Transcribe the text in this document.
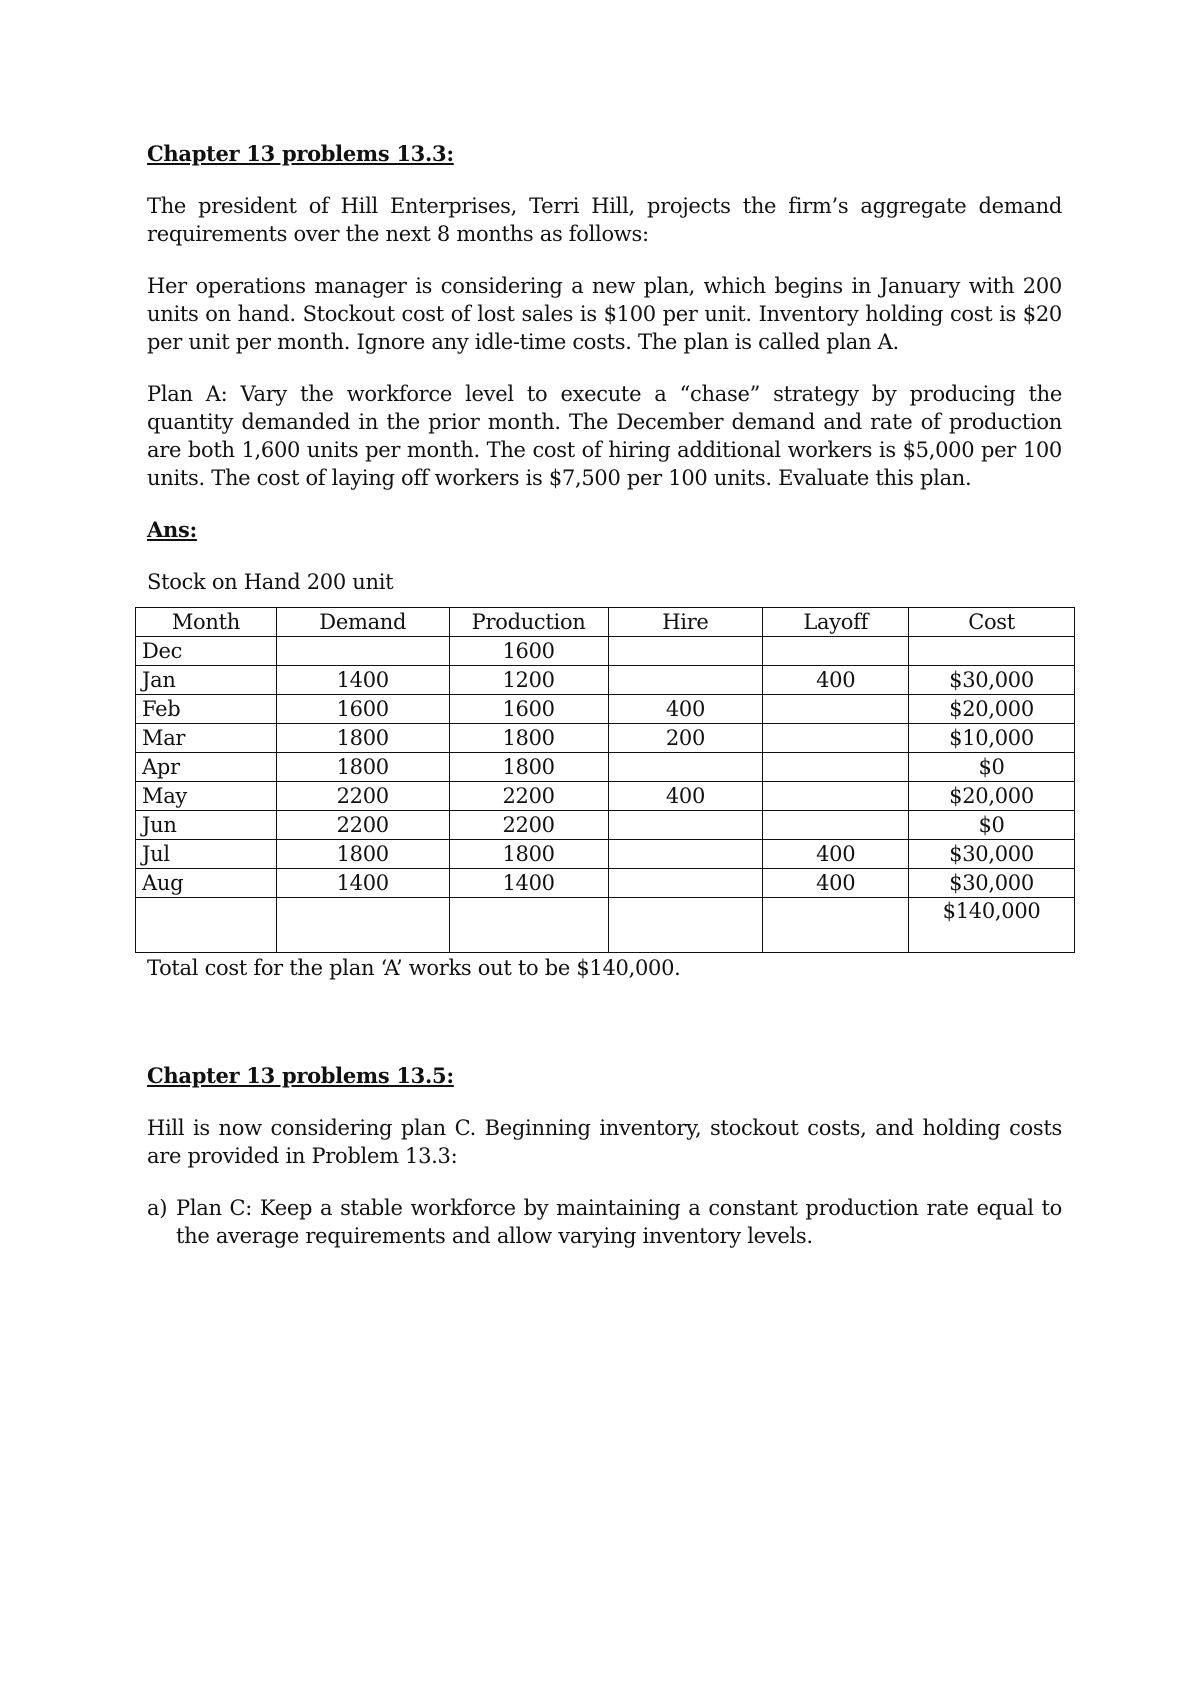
Chapter 13 problems 13.3:
The president of Hill Enterprises, Terri Hill, projects the firm’s aggregate demand requirements over the next 8 months as follows:
Her operations manager is considering a new plan, which begins in January with 200 units on hand. Stockout cost of lost sales is $100 per unit. Inventory holding cost is $20 per unit per month. Ignore any idle-time costs. The plan is called plan A.
Plan A: Vary the workforce level to execute a “chase” strategy by producing the quantity demanded in the prior month. The December demand and rate of production are both 1,600 units per month. The cost of hiring additional workers is $5,000 per 100 units. The cost of laying off workers is $7,500 per 100 units. Evaluate this plan.
Ans:
Stock on Hand 200 unit
Month	Demand	Production	Hire	Layoff	Cost
Dec		1600			
Jan	1400	1200		400	$30,000
Feb	1600	1600	400		$20,000
Mar	1800	1800	200		$10,000
Apr	1800	1800			$0
May	2200	2200	400		$20,000
Jun	2200	2200			$0
Jul	1800	1800		400	$30,000
Aug	1400	1400		400	$30,000
					$140,000
Total cost for the plan ‘A’ works out to be $140,000.
Chapter 13 problems 13.5:
Hill is now considering plan C. Beginning inventory, stockout costs, and holding costs are provided in Problem 13.3:
a) Plan C: Keep a stable workforce by maintaining a constant production rate equal to the average requirements and allow varying inventory levels.
